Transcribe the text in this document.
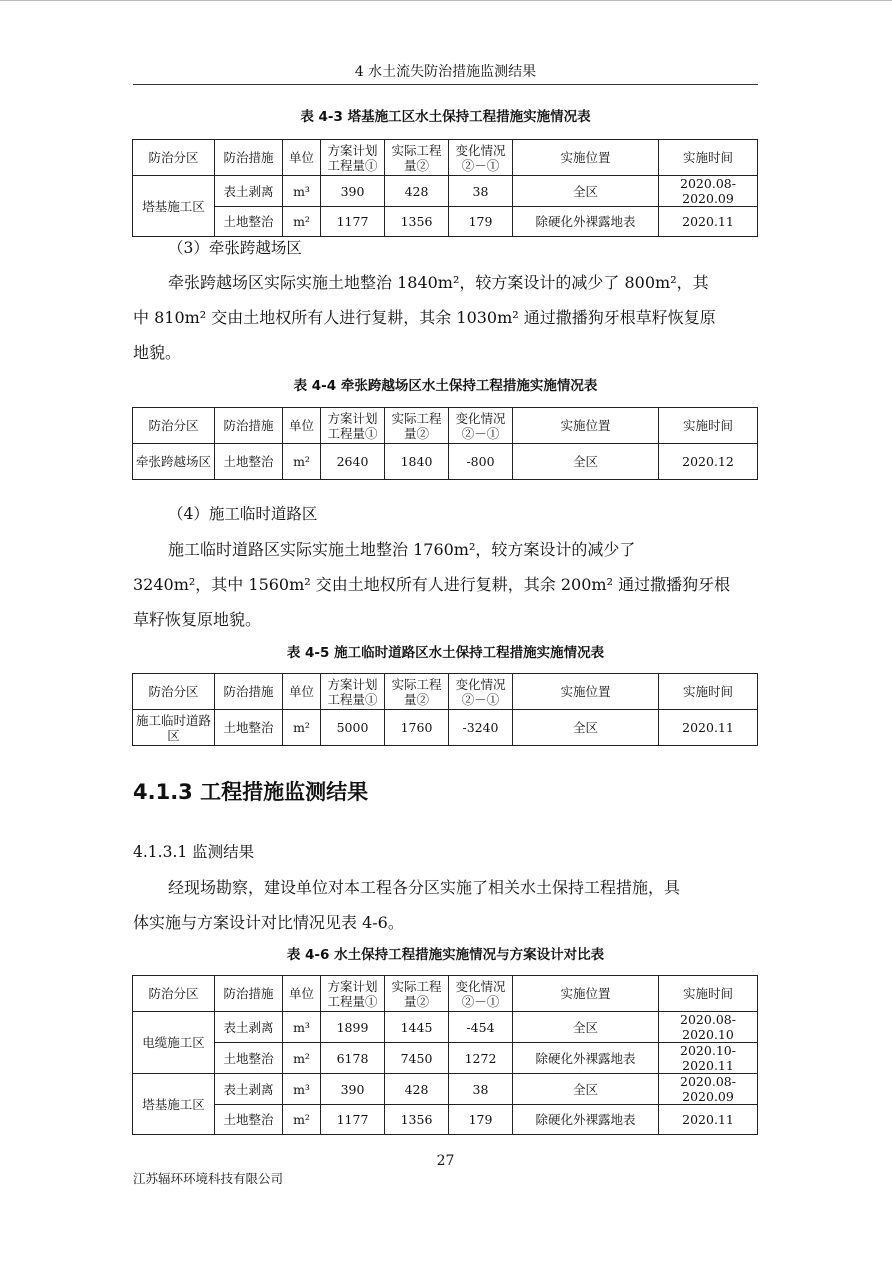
4 水土流失防治措施监测结果
表 4-3 塔基施工区水土保持工程措施实施情况表
防治分区	防治措施	单位	方案计划工程量①	实际工程量②	变化情况②－①	实施位置	实施时间
塔基施工区	表土剥离	m³	390	428	38	全区	2020.08-2020.09
	土地整治	m²	1177	1356	179	除硬化外裸露地表	2020.11
（3）牵张跨越场区

牵张跨越场区实际实施土地整治 1840m²，较方案设计的减少了 800m²，其
中 810m² 交由土地权所有人进行复耕，其余 1030m² 通过撒播狗牙根草籽恢复原
地貌。

表 4-4 牵张跨越场区水土保持工程措施实施情况表
防治分区	防治措施	单位	方案计划工程量①	实际工程量②	变化情况②－①	实施位置	实施时间
牵张跨越场区	土地整治	m²	2640	1840	-800	全区	2020.12
（4）施工临时道路区

施工临时道路区实际实施土地整治 1760m²，较方案设计的减少了
3240m²，其中 1560m² 交由土地权所有人进行复耕，其余 200m² 通过撒播狗牙根
草籽恢复原地貌。

表 4-5 施工临时道路区水土保持工程措施实施情况表
防治分区	防治措施	单位	方案计划工程量①	实际工程量②	变化情况②－①	实施位置	实施时间
施工临时道路区	土地整治	m²	5000	1760	-3240	全区	2020.11
4.1.3 工程措施监测结果
4.1.3.1 监测结果

经现场勘察，建设单位对本工程各分区实施了相关水土保持工程措施，具
体实施与方案设计对比情况见表 4-6。

表 4-6 水土保持工程措施实施情况与方案设计对比表
防治分区	防治措施	单位	方案计划工程量①	实际工程量②	变化情况②－①	实施位置	实施时间
电缆施工区	表土剥离	m³	1899	1445	-454	全区	2020.08-2020.10
	土地整治	m²	6178	7450	1272	除硬化外裸露地表	2020.10-2020.11
塔基施工区	表土剥离	m³	390	428	38	全区	2020.08-2020.09
	土地整治	m²	1177	1356	179	除硬化外裸露地表	2020.11
27
江苏辐环环境科技有限公司
